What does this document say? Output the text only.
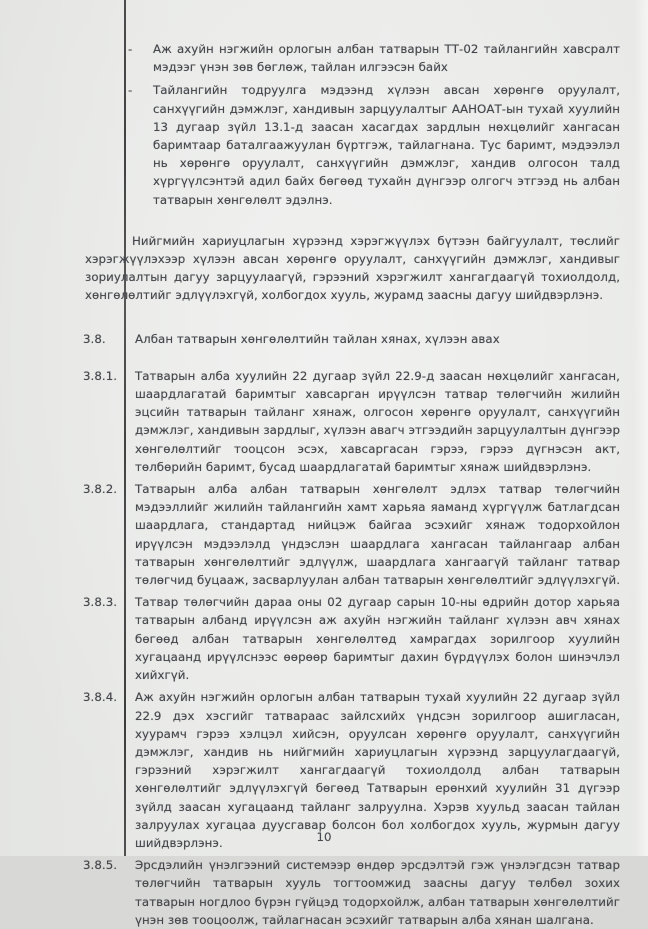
-	Аж ахуйн нэгжийн орлогын албан татварын ТТ-02 тайлангийн хавсралт мэдээг үнэн зөв бөглөж, тайлан илгээсэн байх
-	Тайлангийн тодруулга мэдээнд хүлээн авсан хөрөнгө оруулалт, санхүүгийн дэмжлэг, хандивын зарцуулалтыг ААНОАТ-ын тухай хуулийн 13 дугаар зүйл 13.1-д заасан хасагдах зардлын нөхцөлийг хангасан баримтаар баталгаажуулан бүртгэж, тайлагнана. Тус баримт, мэдээлэл нь хөрөнгө оруулалт, санхүүгийн дэмжлэг, хандив олгосон талд хүргүүлсэнтэй адил байх бөгөөд тухайн дүнгээр олгогч этгээд нь албан татварын хөнгөлөлт эдэлнэ.

Нийгмийн хариуцлагын хүрээнд хэрэгжүүлэх бүтээн байгуулалт, төслийг хэрэгжүүлэхээр хүлээн авсан хөрөнгө оруулалт, санхүүгийн дэмжлэг, хандивыг зориулалтын дагуу зарцуулаагүй, гэрээний хэрэгжилт хангагдаагүй тохиолдолд, хөнгөлөлтийг эдлүүлэхгүй, холбогдох хууль, журамд заасны дагуу шийдвэрлэнэ.

3.8.	Албан татварын хөнгөлөлтийн тайлан хянах, хүлээн авах
3.8.1.	Татварын алба хуулийн 22 дугаар зүйл 22.9-д заасан нөхцөлийг хангасан, шаардлагатай баримтыг хавсарган ирүүлсэн татвар төлөгчийн жилийн эцсийн татварын тайланг хянаж, олгосон хөрөнгө оруулалт, санхүүгийн дэмжлэг, хандивын зардлыг, хүлээн авагч этгээдийн зарцуулалтын дүнгээр хөнгөлөлтийг тооцсон эсэх, хавсаргасан гэрээ, гэрээ дүгнэсэн акт, төлбөрийн баримт, бусад шаардлагатай баримтыг хянаж шийдвэрлэнэ.
3.8.2.	Татварын алба албан татварын хөнгөлөлт эдлэх татвар төлөгчийн мэдээллийг жилийн тайлангийн хамт харьяа яаманд хүргүүлж батлагдсан шаардлага, стандартад нийцэж байгаа эсэхийг хянаж тодорхойлон ирүүлсэн мэдээлэлд үндэслэн шаардлага хангасан тайлангаар албан татварын хөнгөлөлтийг эдлүүлж, шаардлага хангаагүй тайланг татвар төлөгчид буцааж, засварлуулан албан татварын хөнгөлөлтийг эдлүүлэхгүй.
3.8.3.	Татвар төлөгчийн дараа оны 02 дугаар сарын 10-ны өдрийн дотор харьяа татварын албанд ирүүлсэн аж ахуйн нэгжийн тайланг хүлээн авч хянах бөгөөд албан татварын хөнгөлөлтөд хамрагдах зорилгоор хуулийн хугацаанд ирүүлснээс өөрөөр баримтыг дахин бүрдүүлэх болон шинэчлэл хийхгүй.
3.8.4.	Аж ахуйн нэгжийн орлогын албан татварын тухай хуулийн 22 дугаар зүйл 22.9 дэх хэсгийг татвараас зайлсхийх үндсэн зорилгоор ашигласан, хуурамч гэрээ хэлцэл хийсэн, оруулсан хөрөнгө оруулалт, санхүүгийн дэмжлэг, хандив нь нийгмийн хариуцлагын хүрээнд зарцуулагдаагүй, гэрээний хэрэгжилт хангагдаагүй тохиолдолд албан татварын хөнгөлөлтийг эдлүүлэхгүй бөгөөд Татварын ерөнхий хуулийн 31 дүгээр зүйлд заасан хугацаанд тайланг залруулна. Хэрэв хуульд заасан тайлан залруулах хугацаа дуусгавар болсон бол холбогдох хууль, журмын дагуу шийдвэрлэнэ.
3.8.5.	Эрсдэлийн үнэлгээний системээр өндөр эрсдэлтэй гэж үнэлэгдсэн татвар төлөгчийн татварын хууль тогтоомжид заасны дагуу төлбөл зохих татварын ногдлоо бүрэн гүйцэд тодорхойлж, албан татварын хөнгөлөлтийг үнэн зөв тооцоолж, тайлагнасан эсэхийг татварын алба хянан шалгана.
10
